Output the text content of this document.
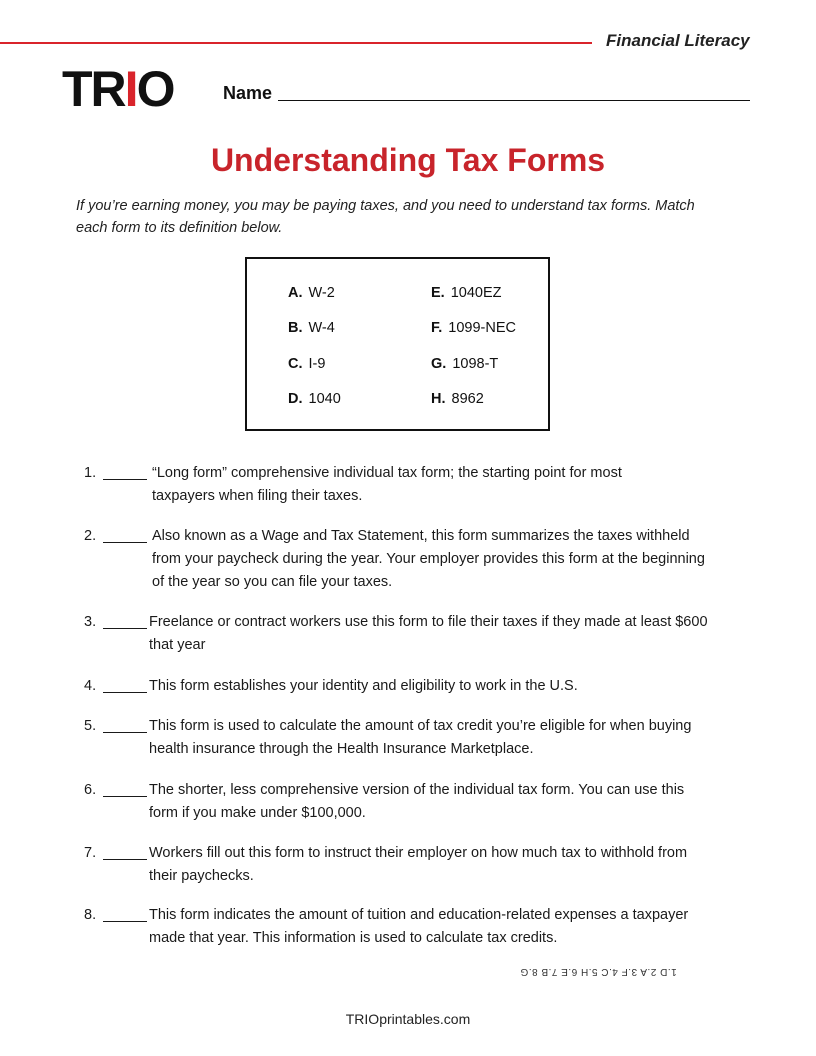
Financial Literacy
TRIO	Name
Understanding Tax Forms
If you’re earning money, you may be paying taxes, and you need to understand tax forms. Match each form to its definition below.
A. W-2
B. W-4
C. I-9
D. 1040
E. 1040EZ
F. 1099-NEC
G. 1098-T
H. 8962
1.	“Long form” comprehensive individual tax form; the starting point for most taxpayers when filing their taxes.
2.	Also known as a Wage and Tax Statement, this form summarizes the taxes withheld from your paycheck during the year. Your employer provides this form at the beginning of the year so you can file your taxes.
3.	Freelance or contract workers use this form to file their taxes if they made at least $600 that year
4.	This form establishes your identity and eligibility to work in the U.S.
5.	This form is used to calculate the amount of tax credit you’re eligible for when buying health insurance through the Health Insurance Marketplace.
6.	The shorter, less comprehensive version of the individual tax form. You can use this form if you make under $100,000.
7.	Workers fill out this form to instruct their employer on how much tax to withhold from their paychecks.
8.	This form indicates the amount of tuition and education-related expenses a taxpayer made that year. This information is used to calculate tax credits.
1.D 2.A 3.F 4.C 5.H 6.E 7.B 8.G
TRIOprintables.com
